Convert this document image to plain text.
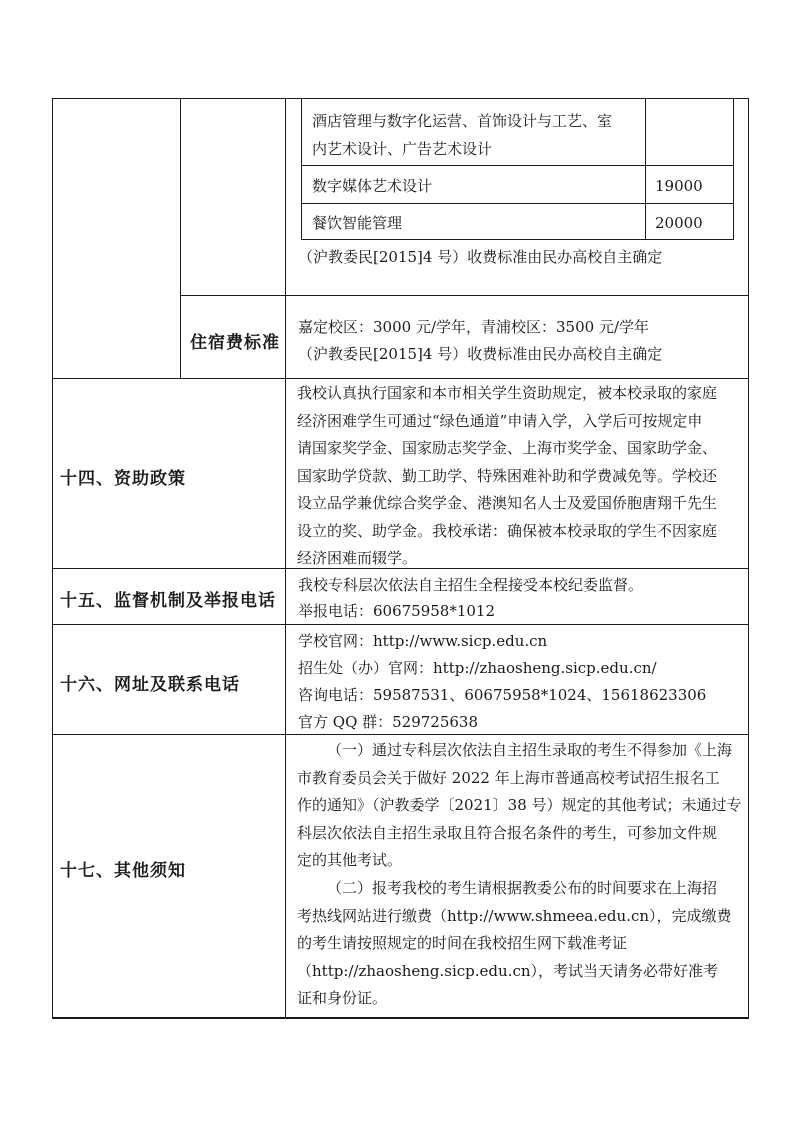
酒店管理与数字化运营、首饰设计与工艺、室
内艺术设计、广告艺术设计
数字媒体艺术设计	19000
餐饮智能管理	20000
（沪教委民[2015]4 号）收费标准由民办高校自主确定
住宿费标准
嘉定校区：3000 元/学年，青浦校区：3500 元/学年
（沪教委民[2015]4 号）收费标准由民办高校自主确定
十四、资助政策
我校认真执行国家和本市相关学生资助规定，被本校录取的家庭
经济困难学生可通过“绿色通道”申请入学，入学后可按规定申
请国家奖学金、国家励志奖学金、上海市奖学金、国家助学金、
国家助学贷款、勤工助学、特殊困难补助和学费减免等。学校还
设立品学兼优综合奖学金、港澳知名人士及爱国侨胞唐翔千先生
设立的奖、助学金。我校承诺：确保被本校录取的学生不因家庭
经济困难而辍学。
十五、监督机制及举报电话
我校专科层次依法自主招生全程接受本校纪委监督。
举报电话：60675958*1012
十六、网址及联系电话
学校官网：http://www.sicp.edu.cn
招生处（办）官网：http://zhaosheng.sicp.edu.cn/
咨询电话：59587531、60675958*1024、15618623306
官方 QQ 群：529725638
十七、其他须知
（一）通过专科层次依法自主招生录取的考生不得参加《上海
市教育委员会关于做好 2022 年上海市普通高校考试招生报名工
作的通知》（沪教委学〔2021〕38 号）规定的其他考试；未通过专
科层次依法自主招生录取且符合报名条件的考生，可参加文件规
定的其他考试。
（二）报考我校的考生请根据教委公布的时间要求在上海招
考热线网站进行缴费（http://www.shmeea.edu.cn），完成缴费
的考生请按照规定的时间在我校招生网下载准考证
（http://zhaosheng.sicp.edu.cn），考试当天请务必带好准考
证和身份证。
